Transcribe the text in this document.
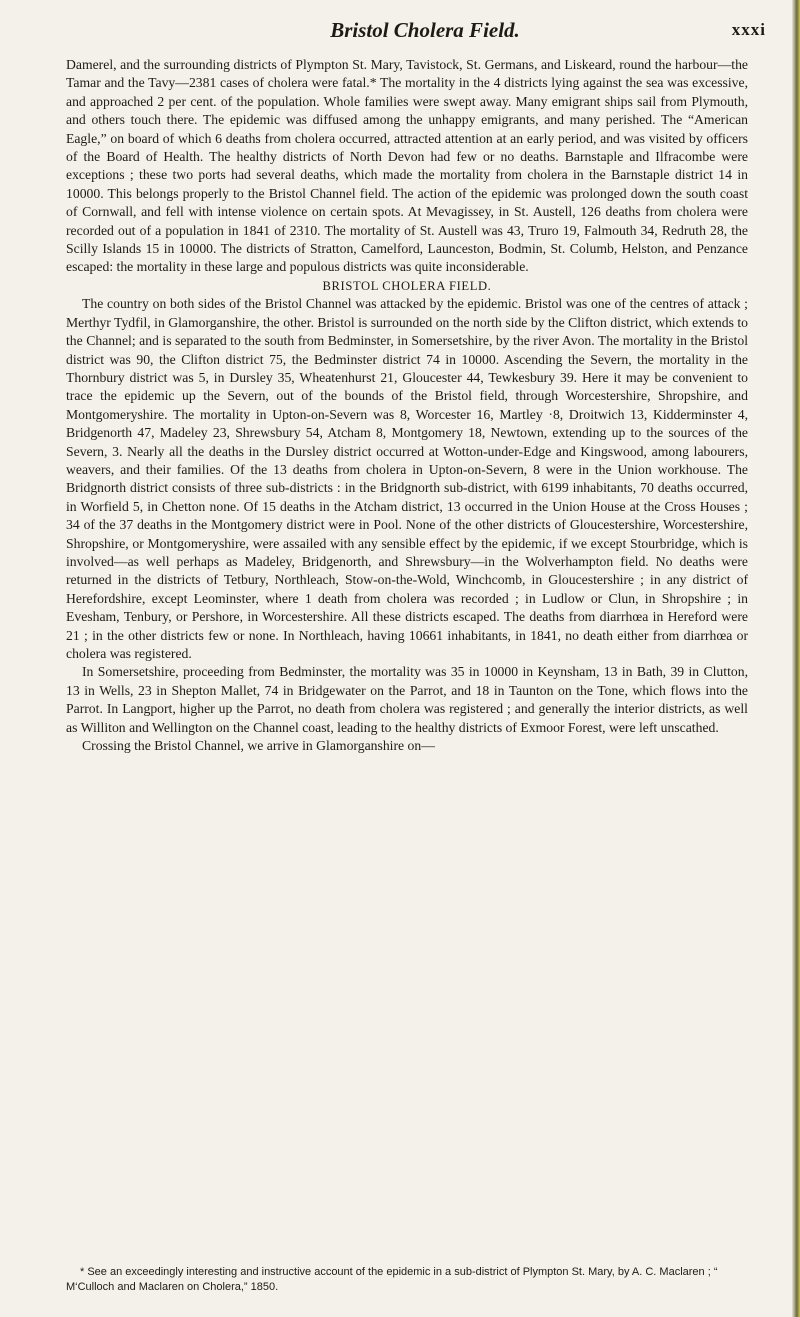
Bristol Cholera Field.	xxxi

Damerel, and the surrounding districts of Plympton St. Mary, Tavistock, St. Germans, and Liskeard, round the harbour—the Tamar and the Tavy—2381 cases of cholera were fatal.* The mortality in the 4 districts lying against the sea was excessive, and approached 2 per cent. of the population. Whole families were swept away. Many emigrant ships sail from Plymouth, and others touch there. The epidemic was diffused among the unhappy emigrants, and many perished. The “American Eagle,” on board of which 6 deaths from cholera occurred, attracted attention at an early period, and was visited by officers of the Board of Health. The healthy districts of North Devon had few or no deaths. Barnstaple and Ilfracombe were exceptions ; these two ports had several deaths, which made the mortality from cholera in the Barnstaple district 14 in 10000. This belongs properly to the Bristol Channel field. The action of the epidemic was prolonged down the south coast of Cornwall, and fell with intense violence on certain spots. At Mevagissey, in St. Austell, 126 deaths from cholera were recorded out of a population in 1841 of 2310. The mortality of St. Austell was 43, Truro 19, Falmouth 34, Redruth 28, the Scilly Islands 15 in 10000. The districts of Stratton, Camelford, Launceston, Bodmin, St. Columb, Helston, and Penzance escaped: the mortality in these large and populous districts was quite inconsiderable.

BRISTOL CHOLERA FIELD.

The country on both sides of the Bristol Channel was attacked by the epidemic. Bristol was one of the centres of attack ; Merthyr Tydfil, in Glamorganshire, the other. Bristol is surrounded on the north side by the Clifton district, which extends to the Channel; and is separated to the south from Bedminster, in Somersetshire, by the river Avon. The mortality in the Bristol district was 90, the Clifton district 75, the Bedminster district 74 in 10000. Ascending the Severn, the mortality in the Thornbury district was 5, in Dursley 35, Wheatenhurst 21, Gloucester 44, Tewkesbury 39. Here it may be convenient to trace the epidemic up the Severn, out of the bounds of the Bristol field, through Worcestershire, Shropshire, and Montgomeryshire. The mortality in Upton-on-Severn was 8, Worcester 16, Martley ·8, Droitwich 13, Kidderminster 4, Bridgenorth 47, Madeley 23, Shrewsbury 54, Atcham 8, Montgomery 18, Newtown, extending up to the sources of the Severn, 3. Nearly all the deaths in the Dursley district occurred at Wotton-under-Edge and Kingswood, among labourers, weavers, and their families. Of the 13 deaths from cholera in Upton-on-Severn, 8 were in the Union workhouse. The Bridgnorth district consists of three sub-districts : in the Bridgnorth sub-district, with 6199 inhabitants, 70 deaths occurred, in Worfield 5, in Chetton none. Of 15 deaths in the Atcham district, 13 occurred in the Union House at the Cross Houses ; 34 of the 37 deaths in the Montgomery district were in Pool. None of the other districts of Gloucestershire, Worcestershire, Shropshire, or Montgomeryshire, were assailed with any sensible effect by the epidemic, if we except Stourbridge, which is involved—as well perhaps as Madeley, Bridgenorth, and Shrewsbury—in the Wolverhampton field. No deaths were returned in the districts of Tetbury, Northleach, Stow-on-the-Wold, Winchcomb, in Gloucestershire ; in any district of Herefordshire, except Leominster, where 1 death from cholera was recorded ; in Ludlow or Clun, in Shropshire ; in Evesham, Tenbury, or Pershore, in Worcestershire. All these districts escaped. The deaths from diarrhœa in Hereford were 21 ; in the other districts few or none. In Northleach, having 10661 inhabitants, in 1841, no death either from diarrhœa or cholera was registered.

In Somersetshire, proceeding from Bedminster, the mortality was 35 in 10000 in Keynsham, 13 in Bath, 39 in Clutton, 13 in Wells, 23 in Shepton Mallet, 74 in Bridgewater on the Parrot, and 18 in Taunton on the Tone, which flows into the Parrot. In Langport, higher up the Parrot, no death from cholera was registered ; and generally the interior districts, as well as Williton and Wellington on the Channel coast, leading to the healthy districts of Exmoor Forest, were left unscathed.

Crossing the Bristol Channel, we arrive in Glamorganshire on—

* See an exceedingly interesting and instructive account of the epidemic in a sub-district of Plympton St. Mary, by A. C. Maclaren ; “ M‘Culloch and Maclaren on Cholera,” 1850.
